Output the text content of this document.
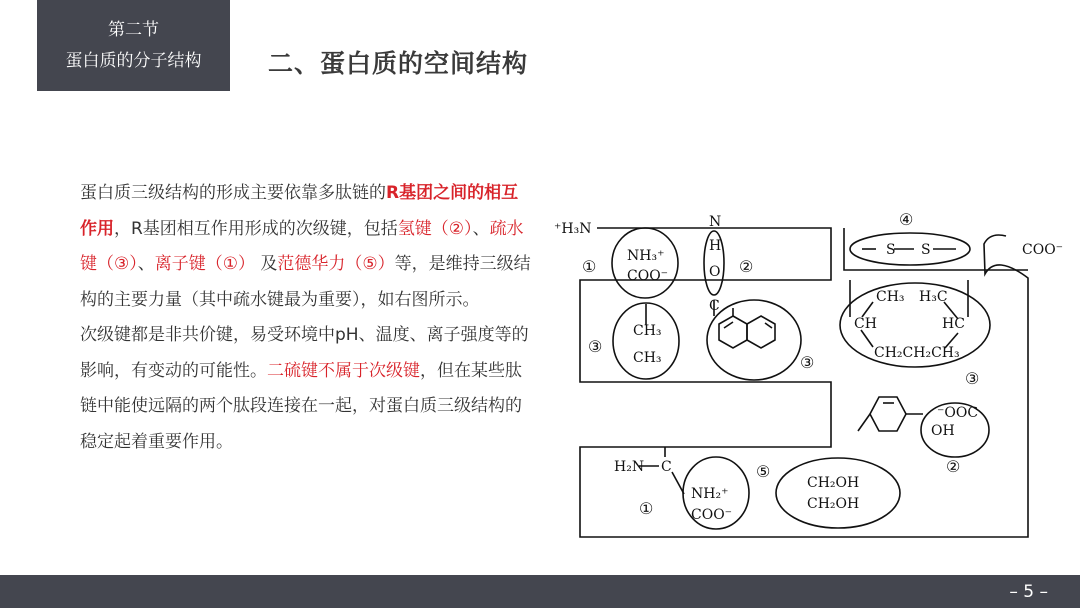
第二节
蛋白质的分子结构	二、蛋白质的空间结构

蛋白质三级结构的形成主要依靠多肽链的R基团之间的相互作用，R基团相互作用形成的次级键，包括氢键（②）、疏水键（③）、离子键（①） 及范德华力（⑤）等，是维持三级结构的主要力量（其中疏水键最为重要），如右图所示。

次级键都是非共价键，易受环境中pH、温度、离子强度等的影响，有变动的可能性。二硫键不属于次级键，但在某些肽链中能使远隔的两个肽段连接在一起，对蛋白质三级结构的稳定起着重要作用。

⁺H₃N
NH₃⁺
COO⁻
N
H
O
C
CH₃
CH₃
S S	COO⁻
CH₃ H₃C
CH	HC
CH₂CH₂CH₃
⁻OOC
OH
H₂N C
NH₂⁺
COO⁻
CH₂OH
CH₂OH
①	②
③
③
④
③
②
⑤
①
– 5 –
